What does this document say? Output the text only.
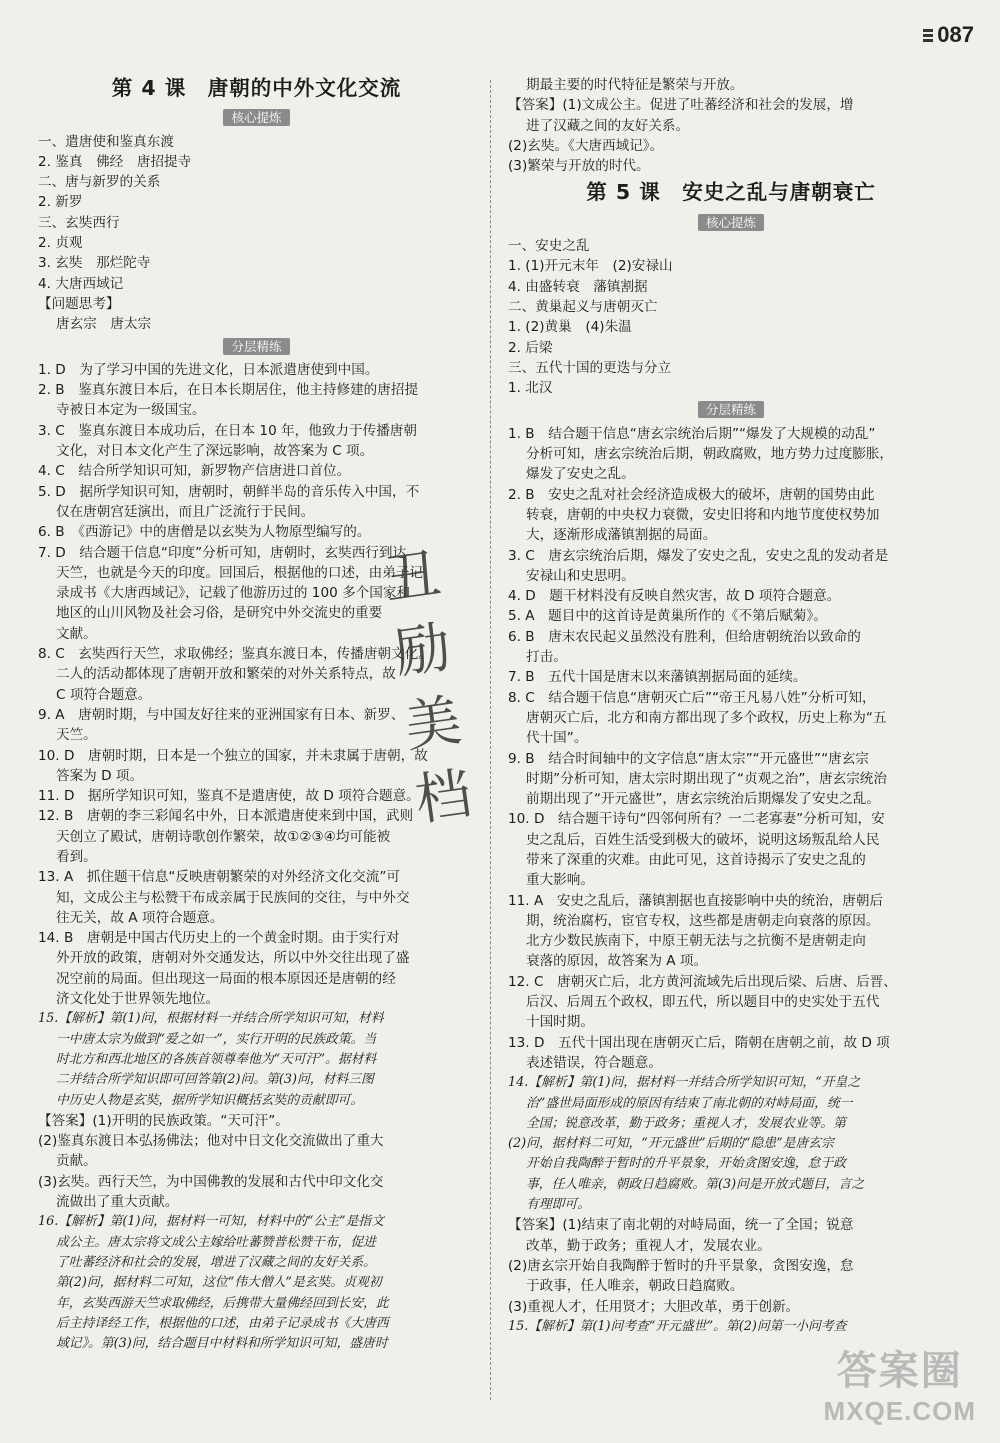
087
第 4 课　唐朝的中外文化交流
核心提炼
一、遣唐使和鉴真东渡
2. 鉴真　佛经　唐招提寺
二、唐与新罗的关系
2. 新罗
三、玄奘西行
2. 贞观
3. 玄奘　那烂陀寺
4. 大唐西域记
【问题思考】
唐玄宗　唐太宗
分层精练
1. D　为了学习中国的先进文化，日本派遣唐使到中国。
2. B　鉴真东渡日本后，在日本长期居住，他主持修建的唐招提
寺被日本定为一级国宝。
3. C　鉴真东渡日本成功后，在日本 10 年，他致力于传播唐朝
文化，对日本文化产生了深远影响，故答案为 C 项。
4. C　结合所学知识可知，新罗物产信唐进口首位。
5. D　据所学知识可知，唐朝时，朝鲜半岛的音乐传入中国，不
仅在唐朝宫廷演出，而且广泛流行于民间。
6. B　《西游记》中的唐僧是以玄奘为人物原型编写的。
7. D　结合题干信息“印度”分析可知，唐朝时，玄奘西行到达
天竺，也就是今天的印度。回国后，根据他的口述，由弟子记
录成书《大唐西域记》，记载了他游历过的 100 多个国家和
地区的山川风物及社会习俗，是研究中外交流史的重要
文献。
8. C　玄奘西行天竺，求取佛经；鉴真东渡日本，传播唐朝文化。
二人的活动都体现了唐朝开放和繁荣的对外关系特点，故
C 项符合题意。
9. A　唐朝时期，与中国友好往来的亚洲国家有日本、新罗、
天竺。
10. D　唐朝时期，日本是一个独立的国家，并未隶属于唐朝，故
答案为 D 项。
11. D　据所学知识可知，鉴真不是遣唐使，故 D 项符合题意。
12. B　唐朝的李三彩闻名中外，日本派遣唐使来到中国，武则
天创立了殿试，唐朝诗歌创作繁荣，故①②③④均可能被
看到。
13. A　抓住题干信息“反映唐朝繁荣的对外经济文化交流”可
知，文成公主与松赞干布成亲属于民族间的交往，与中外交
往无关，故 A 项符合题意。
14. B　唐朝是中国古代历史上的一个黄金时期。由于实行对
外开放的政策，唐朝对外交通发达，所以中外交往出现了盛
况空前的局面。但出现这一局面的根本原因还是唐朝的经
济文化处于世界领先地位。
15.【解析】第(1)问，根据材料一并结合所学知识可知，材料
一中唐太宗为做到“爱之如一”，实行开明的民族政策。当
时北方和西北地区的各族首领尊奉他为“天可汗”。据材料
二并结合所学知识即可回答第(2)问。第(3)问，材料三图
中历史人物是玄奘，据所学知识概括玄奘的贡献即可。
【答案】(1)开明的民族政策。“天可汗”。
(2)鉴真东渡日本弘扬佛法；他对中日文化交流做出了重大
贡献。
(3)玄奘。西行天竺，为中国佛教的发展和古代中印文化交
流做出了重大贡献。
16.【解析】第(1)问，据材料一可知，材料中的“公主”是指文
成公主。唐太宗将文成公主嫁给吐蕃赞普松赞干布，促进
了吐蕃经济和社会的发展，增进了汉藏之间的友好关系。
第(2)问，据材料二可知，这位“伟大僧人”是玄奘。贞观初
年，玄奘西游天竺求取佛经，后携带大量佛经回到长安，此
后主持译经工作，根据他的口述，由弟子记录成书《大唐西
域记》。第(3)问，结合题目中材料和所学知识可知，盛唐时
期最主要的时代特征是繁荣与开放。
【答案】(1)文成公主。促进了吐蕃经济和社会的发展，增
进了汉藏之间的友好关系。
(2)玄奘。《大唐西域记》。
(3)繁荣与开放的时代。
第 5 课　安史之乱与唐朝衰亡
核心提炼
一、安史之乱
1. (1)开元末年　(2)安禄山
4. 由盛转衰　藩镇割据
二、黄巢起义与唐朝灭亡
1. (2)黄巢　(4)朱温
2. 后梁
三、五代十国的更迭与分立
1. 北汉
分层精练
1. B　结合题干信息“唐玄宗统治后期”“爆发了大规模的动乱”
分析可知，唐玄宗统治后期，朝政腐败，地方势力过度膨胀，
爆发了安史之乱。
2. B　安史之乱对社会经济造成极大的破坏，唐朝的国势由此
转衰，唐朝的中央权力衰微，安史旧将和内地节度使权势加
大，逐渐形成藩镇割据的局面。
3. C　唐玄宗统治后期，爆发了安史之乱，安史之乱的发动者是
安禄山和史思明。
4. D　题干材料没有反映自然灾害，故 D 项符合题意。
5. A　题目中的这首诗是黄巢所作的《不第后赋菊》。
6. B　唐末农民起义虽然没有胜利，但给唐朝统治以致命的
打击。
7. B　五代十国是唐末以来藩镇割据局面的延续。
8. C　结合题干信息“唐朝灭亡后”“帝王凡易八姓”分析可知，
唐朝灭亡后，北方和南方都出现了多个政权，历史上称为“五
代十国”。
9. B　结合时间轴中的文字信息“唐太宗”“开元盛世”“唐玄宗
时期”分析可知，唐太宗时期出现了“贞观之治”，唐玄宗统治
前期出现了“开元盛世”，唐玄宗统治后期爆发了安史之乱。
10. D　结合题干诗句“四邻何所有？一二老寡妻”分析可知，安
史之乱后，百姓生活受到极大的破坏，说明这场叛乱给人民
带来了深重的灾难。由此可见，这首诗揭示了安史之乱的
重大影响。
11. A　安史之乱后，藩镇割据也直接影响中央的统治，唐朝后
期，统治腐朽，宦官专权，这些都是唐朝走向衰落的原因。
北方少数民族南下，中原王朝无法与之抗衡不是唐朝走向
衰落的原因，故答案为 A 项。
12. C　唐朝灭亡后，北方黄河流域先后出现后梁、后唐、后晋、
后汉、后周五个政权，即五代，所以题目中的史实处于五代
十国时期。
13. D　五代十国出现在唐朝灭亡后，隋朝在唐朝之前，故 D 项
表述错误，符合题意。
14.【解析】第(1)问，据材料一并结合所学知识可知，“开皇之
治”盛世局面形成的原因有结束了南北朝的对峙局面，统一
全国；锐意改革，勤于政务；重视人才，发展农业等。第
(2)问，据材料二可知，“开元盛世”后期的“隐患”是唐玄宗
开始自我陶醉于暂时的升平景象，开始贪图安逸，怠于政
事，任人唯亲，朝政日趋腐败。第(3)问是开放式题目，言之
有理即可。
【答案】(1)结束了南北朝的对峙局面，统一了全国；锐意
改革，勤于政务；重视人才，发展农业。
(2)唐玄宗开始自我陶醉于暂时的升平景象，贪图安逸，怠
于政事，任人唯亲，朝政日趋腐败。
(3)重视人才，任用贤才；大胆改革，勇于创新。
15.【解析】第(1)问考查“开元盛世”。第(2)问第一小问考查
丑
励
美
档
答案圈
MXQE.COM
